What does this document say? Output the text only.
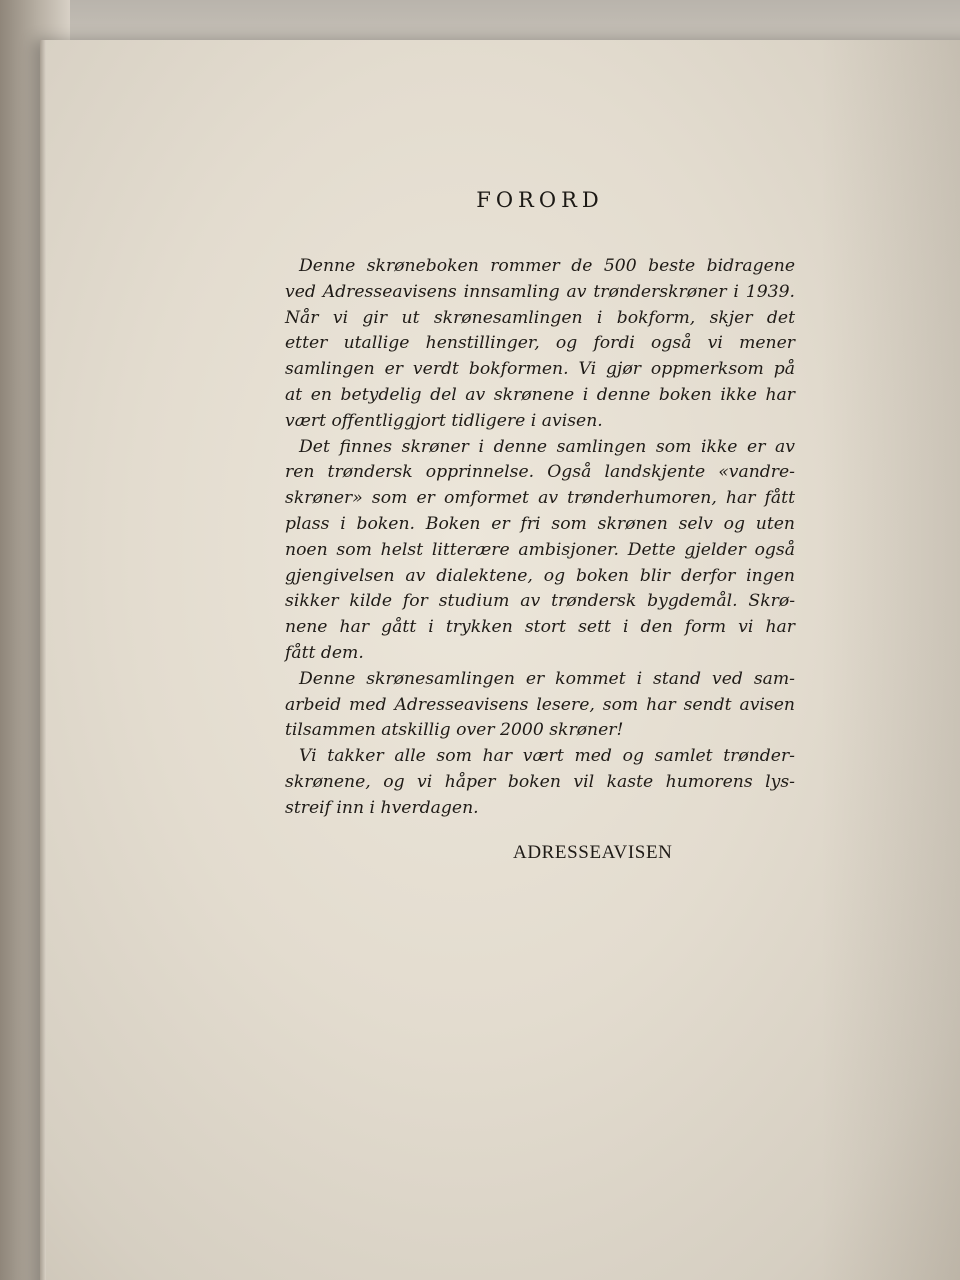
FORORD
Denne skrøneboken rommer de 500 beste bidragene
ved Adresseavisens innsamling av trønderskrøner i 1939.
Når vi gir ut skrønesamlingen i bokform, skjer det
etter utallige henstillinger, og fordi også vi mener
samlingen er verdt bokformen. Vi gjør oppmerksom på
at en betydelig del av skrønene i denne boken ikke har
vært offentliggjort tidligere i avisen.
Det finnes skrøner i denne samlingen som ikke er av
ren trøndersk opprinnelse. Også landskjente «vandre-
skrøner» som er omformet av trønderhumoren, har fått
plass i boken. Boken er fri som skrønen selv og uten
noen som helst litterære ambisjoner. Dette gjelder også
gjengivelsen av dialektene, og boken blir derfor ingen
sikker kilde for studium av trøndersk bygdemål. Skrø-
nene har gått i trykken stort sett i den form vi har
fått dem.
Denne skrønesamlingen er kommet i stand ved sam-
arbeid med Adresseavisens lesere, som har sendt avisen
tilsammen atskillig over 2000 skrøner!
Vi takker alle som har vært med og samlet trønder-
skrønene, og vi håper boken vil kaste humorens lys-
streif inn i hverdagen.
ADRESSEAVISEN
